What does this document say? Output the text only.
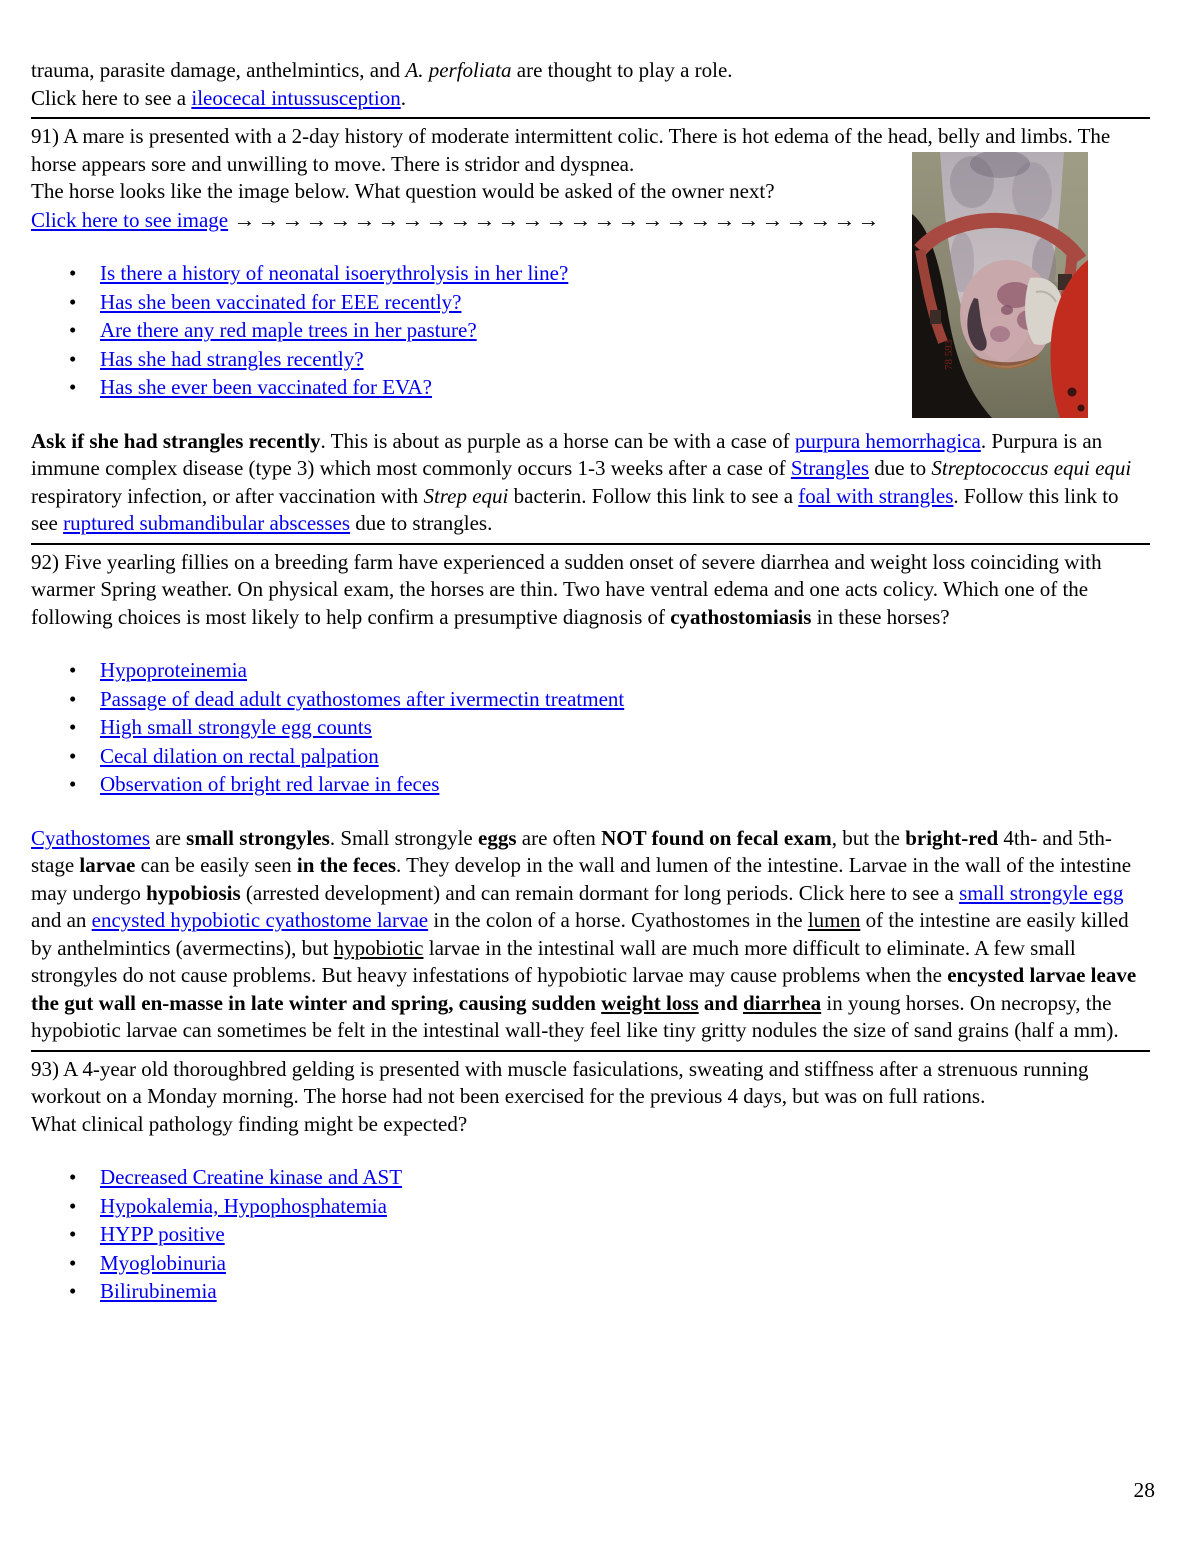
78 593

trauma, parasite damage, anthelmintics, and A. perfoliata are thought to play a role.
Click here to see a ileocecal intussusception.

91) A mare is presented with a 2-day history of moderate intermittent colic. There is hot edema of the head, belly and limbs. The horse appears sore and unwilling to move. There is stridor and dyspnea.
The horse looks like the image below. What question would be asked of the owner next?
Click here to see image →→→→→→→→→→→→→→→→→→→→→→→→→→→

• Is there a history of neonatal isoerythrolysis in her line?
• Has she been vaccinated for EEE recently?
• Are there any red maple trees in her pasture?
• Has she had strangles recently?
• Has she ever been vaccinated for EVA?

Ask if she had strangles recently. This is about as purple as a horse can be with a case of purpura hemorrhagica. Purpura is an immune complex disease (type 3) which most commonly occurs 1-3 weeks after a case of Strangles due to Streptococcus equi equi respiratory infection, or after vaccination with Strep equi bacterin. Follow this link to see a foal with strangles. Follow this link to see ruptured submandibular abscesses due to strangles.

92) Five yearling fillies on a breeding farm have experienced a sudden onset of severe diarrhea and weight loss coinciding with warmer Spring weather. On physical exam, the horses are thin. Two have ventral edema and one acts colicy. Which one of the following choices is most likely to help confirm a presumptive diagnosis of cyathostomiasis in these horses?

• Hypoproteinemia
• Passage of dead adult cyathostomes after ivermectin treatment
• High small strongyle egg counts
• Cecal dilation on rectal palpation
• Observation of bright red larvae in feces

Cyathostomes are small strongyles. Small strongyle eggs are often NOT found on fecal exam, but the bright-red 4th- and 5th-stage larvae can be easily seen in the feces. They develop in the wall and lumen of the intestine. Larvae in the wall of the intestine may undergo hypobiosis (arrested development) and can remain dormant for long periods. Click here to see a small strongyle egg and an encysted hypobiotic cyathostome larvae in the colon of a horse. Cyathostomes in the lumen of the intestine are easily killed by anthelmintics (avermectins), but hypobiotic larvae in the intestinal wall are much more difficult to eliminate. A few small strongyles do not cause problems. But heavy infestations of hypobiotic larvae may cause problems when the encysted larvae leave the gut wall en-masse in late winter and spring, causing sudden weight loss and diarrhea in young horses. On necropsy, the hypobiotic larvae can sometimes be felt in the intestinal wall-they feel like tiny gritty nodules the size of sand grains (half a mm).

93) A 4-year old thoroughbred gelding is presented with muscle fasiculations, sweating and stiffness after a strenuous running workout on a Monday morning. The horse had not been exercised for the previous 4 days, but was on full rations.
What clinical pathology finding might be expected?

• Decreased Creatine kinase and AST
• Hypokalemia, Hypophosphatemia
• HYPP positive
• Myoglobinuria
• Bilirubinemia
28
